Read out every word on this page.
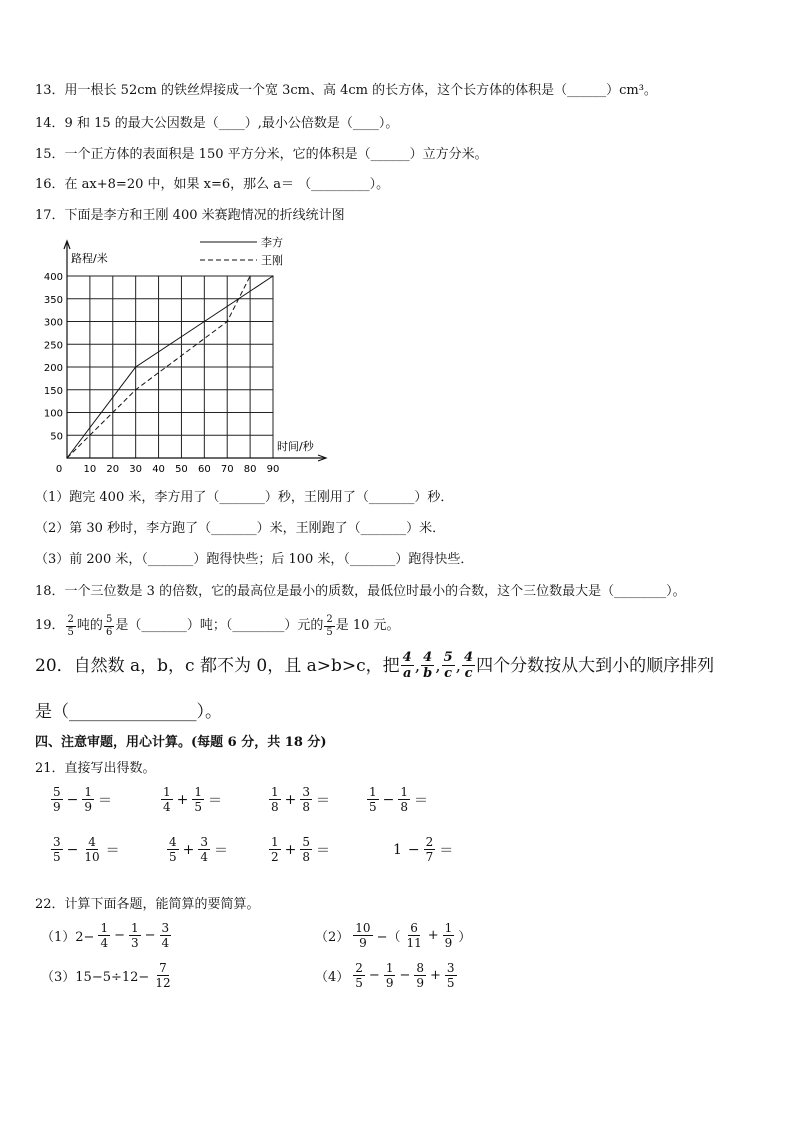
13．用一根长 52cm 的铁丝焊接成一个宽 3cm、高 4cm 的长方体，这个长方体的体积是（______）cm³。
14．9 和 15 的最大公因数是（____）,最小公倍数是（____）。
15．一个正方体的表面积是 150 平方分米，它的体积是（______）立方分米。
16．在 ax+8=20 中，如果 x=6，那么 a＝ （_________）。
17．下面是李方和王刚 400 米赛跑情况的折线统计图
0 10 20 30 40 50 60 70 80 90
50
100
150
200
250
300
350
400
路程/米
时间/秒
李方
王刚
（1）跑完 400 米，李方用了（_______）秒，王刚用了（_______）秒．
（2）第 30 秒时，李方跑了（_______）米，王刚跑了（_______）米．
（3）前 200 米，（_______）跑得快些；后 100 米，（_______）跑得快些．
18．一个三位数是 3 的倍数，它的最高位是最小的质数，最低位时最小的合数，这个三位数最大是（________）。
19． $\frac{2}{5}$ 吨的 $\frac{5}{6}$ 是（_______）吨；（________）元的 $\frac{2}{5}$ 是 10 元。
20．自然数 a，b，c 都不为 0，且 a>b>c，把 $\frac{4}{a}$ , $\frac{4}{b}$ , $\frac{5}{c}$ , $\frac{4}{c}$ 四个分数按从大到小的顺序排列
是（_______________）。
四、注意审题，用心计算。(每题 6 分，共 18 分)
21．直接写出得数。
$\frac{5}{9} - \frac{1}{9}$ ＝	$\frac{1}{4} + \frac{1}{5}$ ＝	$\frac{1}{8} + \frac{3}{8}$ ＝	$\frac{1}{5} - \frac{1}{8}$ ＝
$\frac{3}{5} - \frac{4}{10}$ ＝	$\frac{4}{5} + \frac{3}{4}$ ＝	$\frac{1}{2} + \frac{5}{8}$ ＝	$1 - \frac{2}{7}$ ＝
22．计算下面各题，能简算的要简算。
$(1)2- \frac{1}{4} - \frac{1}{3} - \frac{3}{4}$	$(2) \frac{10}{9}$ −（ $\frac{6}{11} + \frac{1}{9}$ ）
$(3)15-5\div 12- \frac{7}{12}$	$(4) \frac{2}{5} - \frac{1}{9} - \frac{8}{9} + \frac{3}{5}$
